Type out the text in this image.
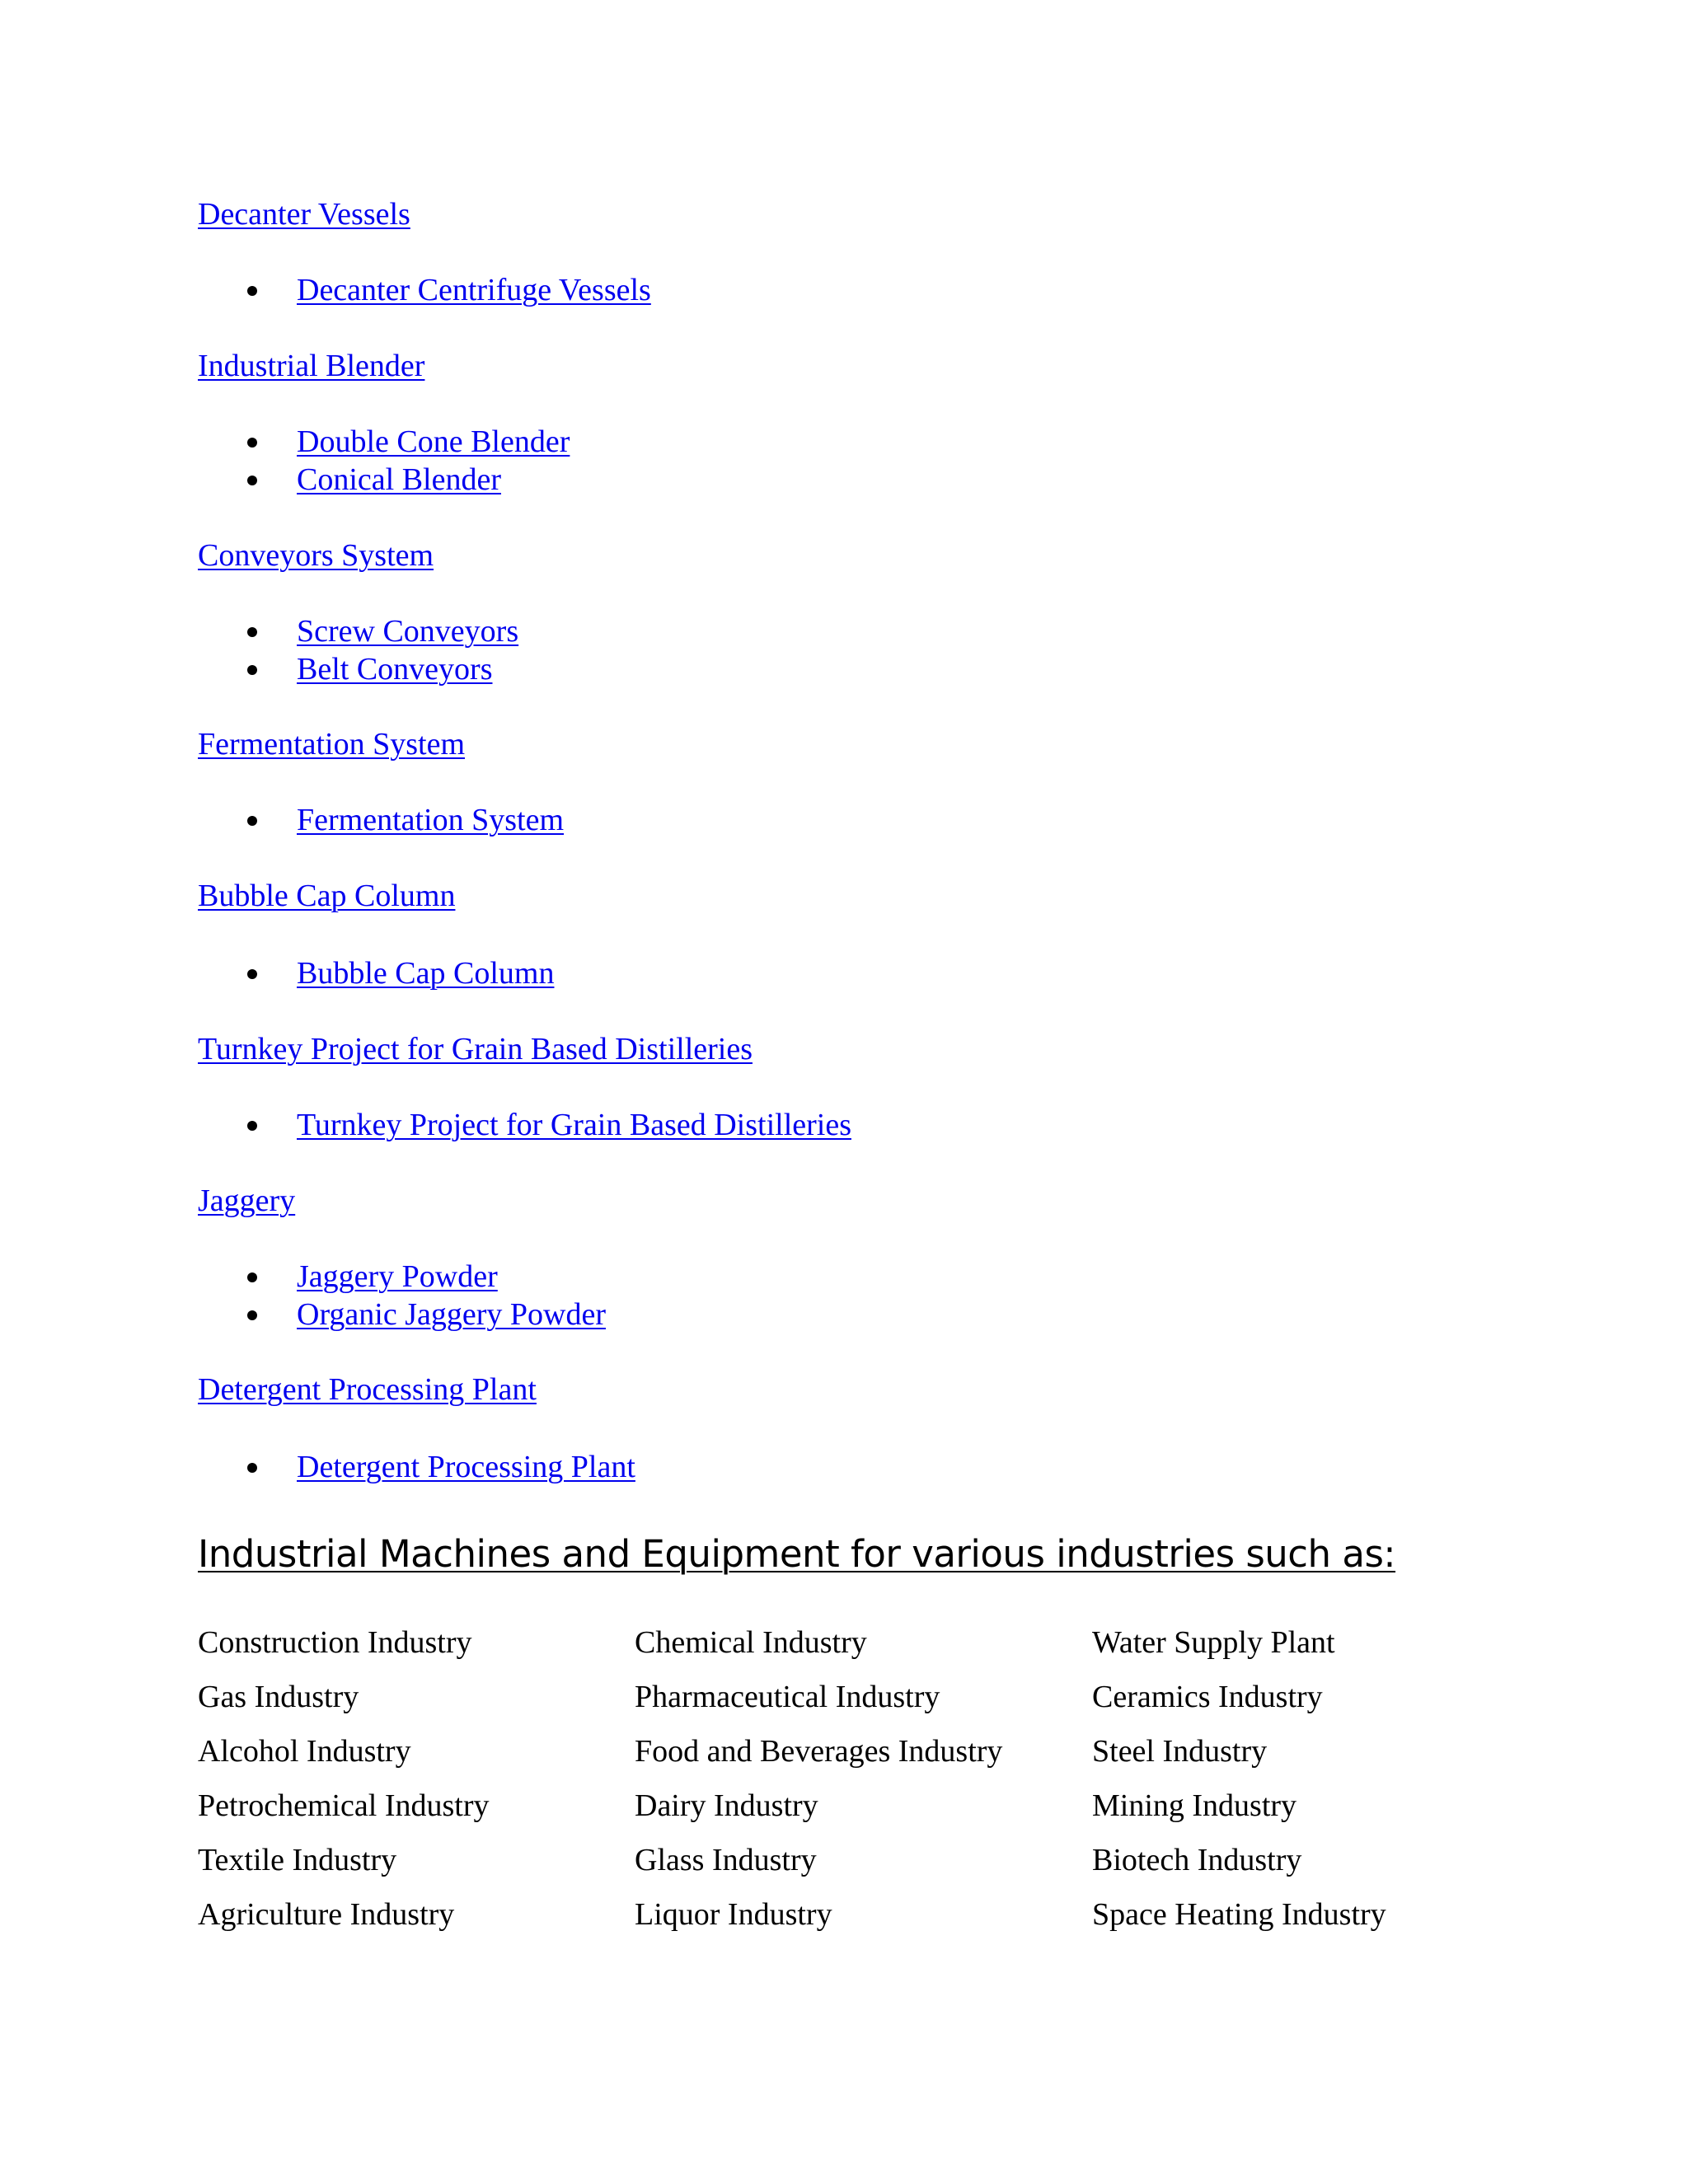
Decanter Vessels
Decanter Centrifuge Vessels
Industrial Blender
Double Cone Blender
Conical Blender
Conveyors System
Screw Conveyors
Belt Conveyors
Fermentation System
Fermentation System
Bubble Cap Column
Bubble Cap Column
Turnkey Project for Grain Based Distilleries
Turnkey Project for Grain Based Distilleries
Jaggery
Jaggery Powder
Organic Jaggery Powder
Detergent Processing Plant
Detergent Processing Plant
Industrial Machines and Equipment for various industries such as:
Construction Industry
Gas Industry
Alcohol Industry
Petrochemical Industry
Textile Industry
Agriculture Industry
Chemical Industry
Pharmaceutical Industry
Food and Beverages Industry
Dairy Industry
Glass Industry
Liquor Industry
Water Supply Plant
Ceramics Industry
Steel Industry
Mining Industry
Biotech Industry
Space Heating Industry
